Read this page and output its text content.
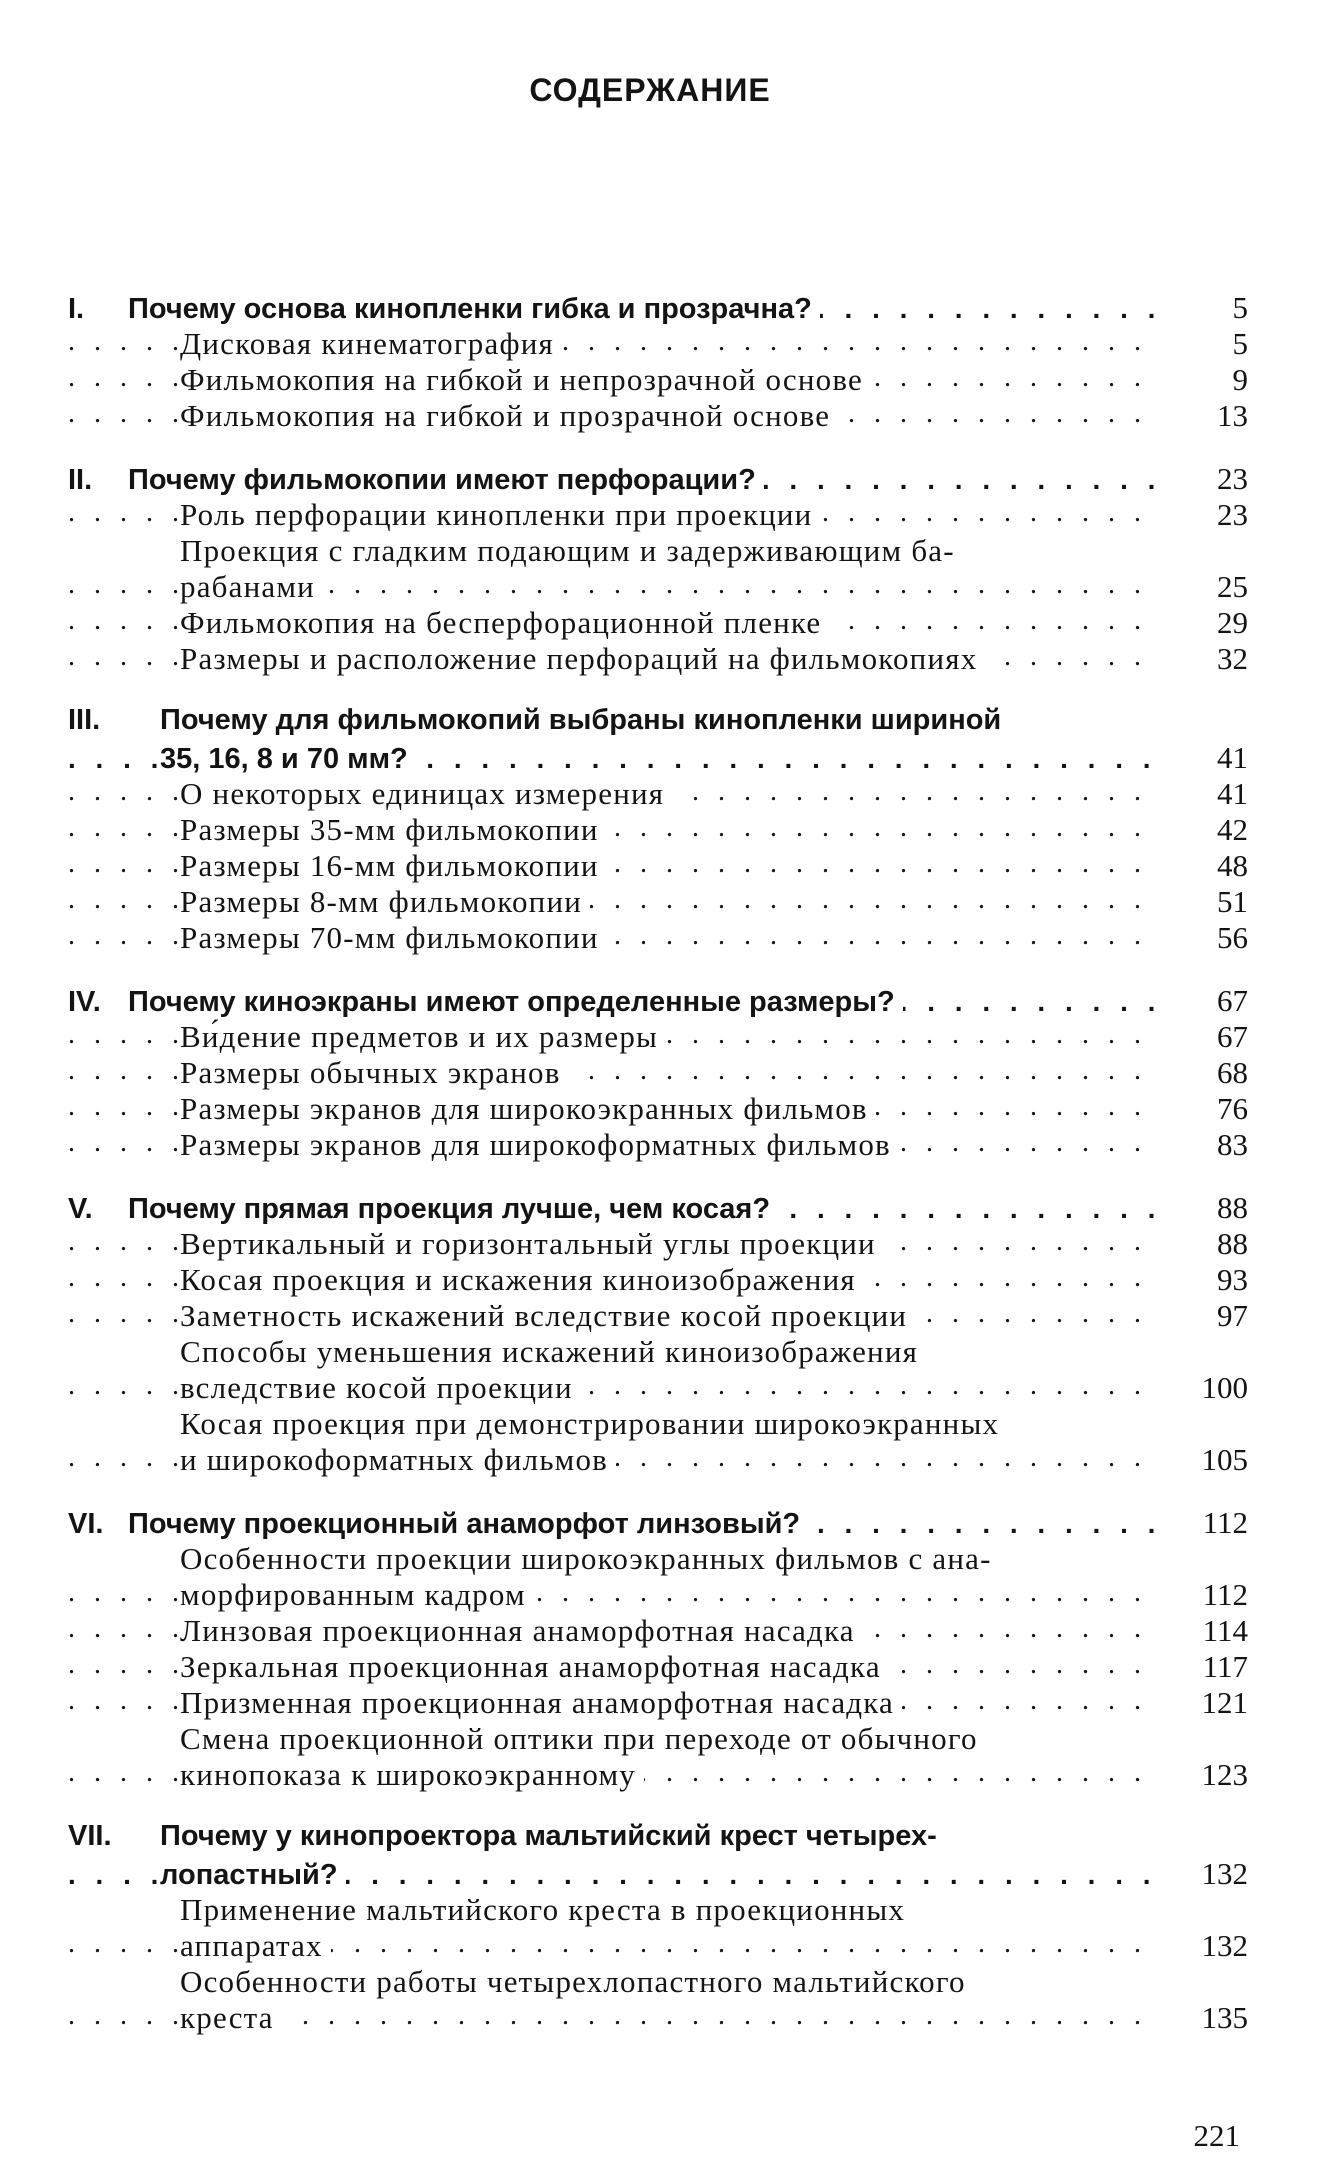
СОДЕРЖАНИЕ
I.	Почему основа кинопленки гибка и прозрачна? . . .	5
Дисковая кинематография . . .	5
Фильмокопия на гибкой и непрозрачной основе . . .	9
Фильмокопия на гибкой и прозрачной основе . . .	13
II.	Почему фильмокопии имеют перфорации? . . .	23
Роль перфорации кинопленки при проекции . . .	23
Проекция с гладким подающим и задерживающим ба-
рабанами . . .	25
Фильмокопия на бесперфорационной пленке . . .	29
Размеры и расположение перфораций на фильмокопиях . . .	32
III.	Почему для фильмокопий выбраны кинопленки шириной
35, 16, 8 и 70 мм? . . .	41
О некоторых единицах измерения . . .	41
Размеры 35-мм фильмокопии . . .	42
Размеры 16-мм фильмокопии . . .	48
Размеры 8-мм фильмокопии . . .	51
Размеры 70-мм фильмокопии . . .	56
IV. Почему киноэкраны имеют определенные размеры? . . .	67
Ви́дение предметов и их размеры . . .	67
Размеры обычных экранов . . .	68
Размеры экранов для широкоэкранных фильмов . . .	76
Размеры экранов для широкоформатных фильмов . . .	83
V.	Почему прямая проекция лучше, чем косая? . . .	88
Вертикальный и горизонтальный углы проекции . . .	88
Косая проекция и искажения киноизображения . . .	93
Заметность искажений вследствие косой проекции . . .	97
Способы уменьшения искажений киноизображения
вследствие косой проекции . . .	100
Косая проекция при демонстрировании широкоэкранных
и широкоформатных фильмов . . .	105
VI. Почему проекционный анаморфот линзовый? . . .	112
Особенности проекции широкоэкранных фильмов с ана-
морфированным кадром . . .	112
Линзовая проекционная анаморфотная насадка . . .	114
Зеркальная проекционная анаморфотная насадка . . .	117
Призменная проекционная анаморфотная насадка . . .	121
Смена проекционной оптики при переходе от обычного
кинопоказа к широкоэкранному . . .	123
VII.	Почему у кинопроектора мальтийский крест четырех-
лопастный? . . .	132
Применение мальтийского креста в проекционных
аппаратах . . .	132
Особенности работы четырехлопастного мальтийского
креста . . .	135
221
